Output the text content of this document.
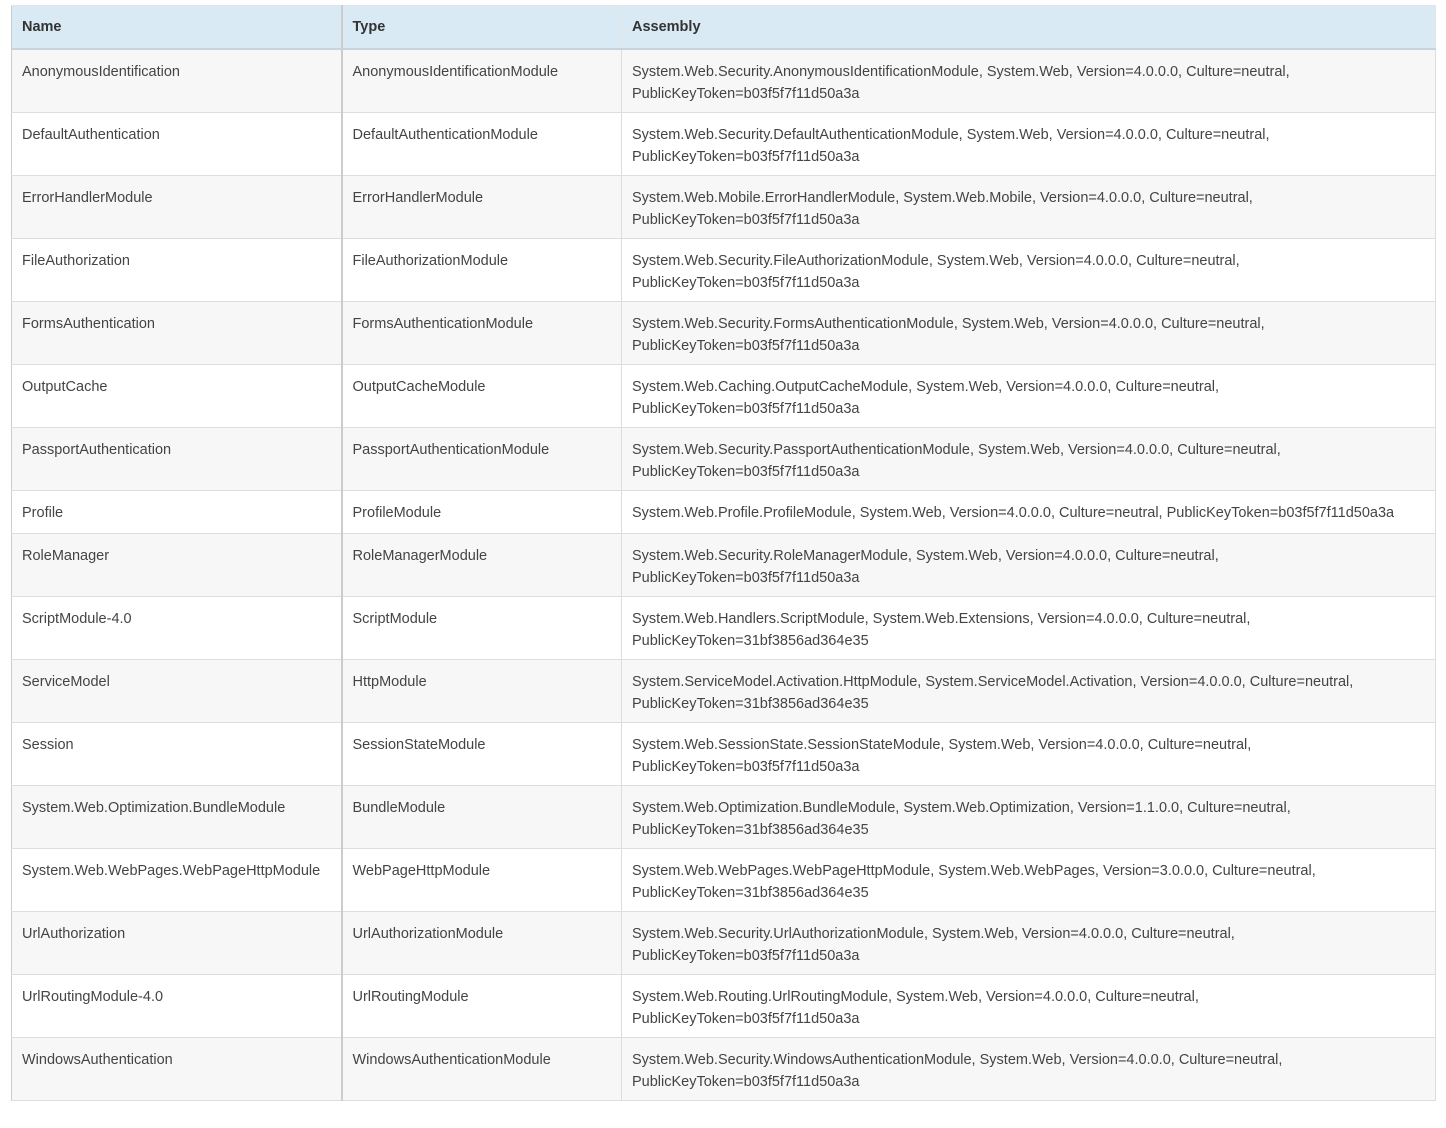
Name	Type	Assembly
AnonymousIdentification	AnonymousIdentificationModule	System.Web.Security.AnonymousIdentificationModule, System.Web, Version=4.0.0.0, Culture=neutral,
PublicKeyToken=b03f5f7f11d50a3a

DefaultAuthentication	DefaultAuthenticationModule	System.Web.Security.DefaultAuthenticationModule, System.Web, Version=4.0.0.0, Culture=neutral,
PublicKeyToken=b03f5f7f11d50a3a

ErrorHandlerModule	ErrorHandlerModule	System.Web.Mobile.ErrorHandlerModule, System.Web.Mobile, Version=4.0.0.0, Culture=neutral,
PublicKeyToken=b03f5f7f11d50a3a

FileAuthorization	FileAuthorizationModule	System.Web.Security.FileAuthorizationModule, System.Web, Version=4.0.0.0, Culture=neutral,
PublicKeyToken=b03f5f7f11d50a3a

FormsAuthentication	FormsAuthenticationModule	System.Web.Security.FormsAuthenticationModule, System.Web, Version=4.0.0.0, Culture=neutral,
PublicKeyToken=b03f5f7f11d50a3a

OutputCache	OutputCacheModule	System.Web.Caching.OutputCacheModule, System.Web, Version=4.0.0.0, Culture=neutral,
PublicKeyToken=b03f5f7f11d50a3a

PassportAuthentication	PassportAuthenticationModule	System.Web.Security.PassportAuthenticationModule, System.Web, Version=4.0.0.0, Culture=neutral,
PublicKeyToken=b03f5f7f11d50a3a

Profile	ProfileModule	System.Web.Profile.ProfileModule, System.Web, Version=4.0.0.0, Culture=neutral, PublicKeyToken=b03f5f7f11d50a3a

RoleManager	RoleManagerModule	System.Web.Security.RoleManagerModule, System.Web, Version=4.0.0.0, Culture=neutral,
PublicKeyToken=b03f5f7f11d50a3a

ScriptModule-4.0	ScriptModule	System.Web.Handlers.ScriptModule, System.Web.Extensions, Version=4.0.0.0, Culture=neutral,
PublicKeyToken=31bf3856ad364e35

ServiceModel	HttpModule	System.ServiceModel.Activation.HttpModule, System.ServiceModel.Activation, Version=4.0.0.0, Culture=neutral,
PublicKeyToken=31bf3856ad364e35

Session	SessionStateModule	System.Web.SessionState.SessionStateModule, System.Web, Version=4.0.0.0, Culture=neutral,
PublicKeyToken=b03f5f7f11d50a3a

System.Web.Optimization.BundleModule	BundleModule	System.Web.Optimization.BundleModule, System.Web.Optimization, Version=1.1.0.0, Culture=neutral,
PublicKeyToken=31bf3856ad364e35

System.Web.WebPages.WebPageHttpModule	WebPageHttpModule	System.Web.WebPages.WebPageHttpModule, System.Web.WebPages, Version=3.0.0.0, Culture=neutral,
PublicKeyToken=31bf3856ad364e35

UrlAuthorization	UrlAuthorizationModule	System.Web.Security.UrlAuthorizationModule, System.Web, Version=4.0.0.0, Culture=neutral,
PublicKeyToken=b03f5f7f11d50a3a

UrlRoutingModule-4.0	UrlRoutingModule	System.Web.Routing.UrlRoutingModule, System.Web, Version=4.0.0.0, Culture=neutral,
PublicKeyToken=b03f5f7f11d50a3a

WindowsAuthentication	WindowsAuthenticationModule	System.Web.Security.WindowsAuthenticationModule, System.Web, Version=4.0.0.0, Culture=neutral,
PublicKeyToken=b03f5f7f11d50a3a
